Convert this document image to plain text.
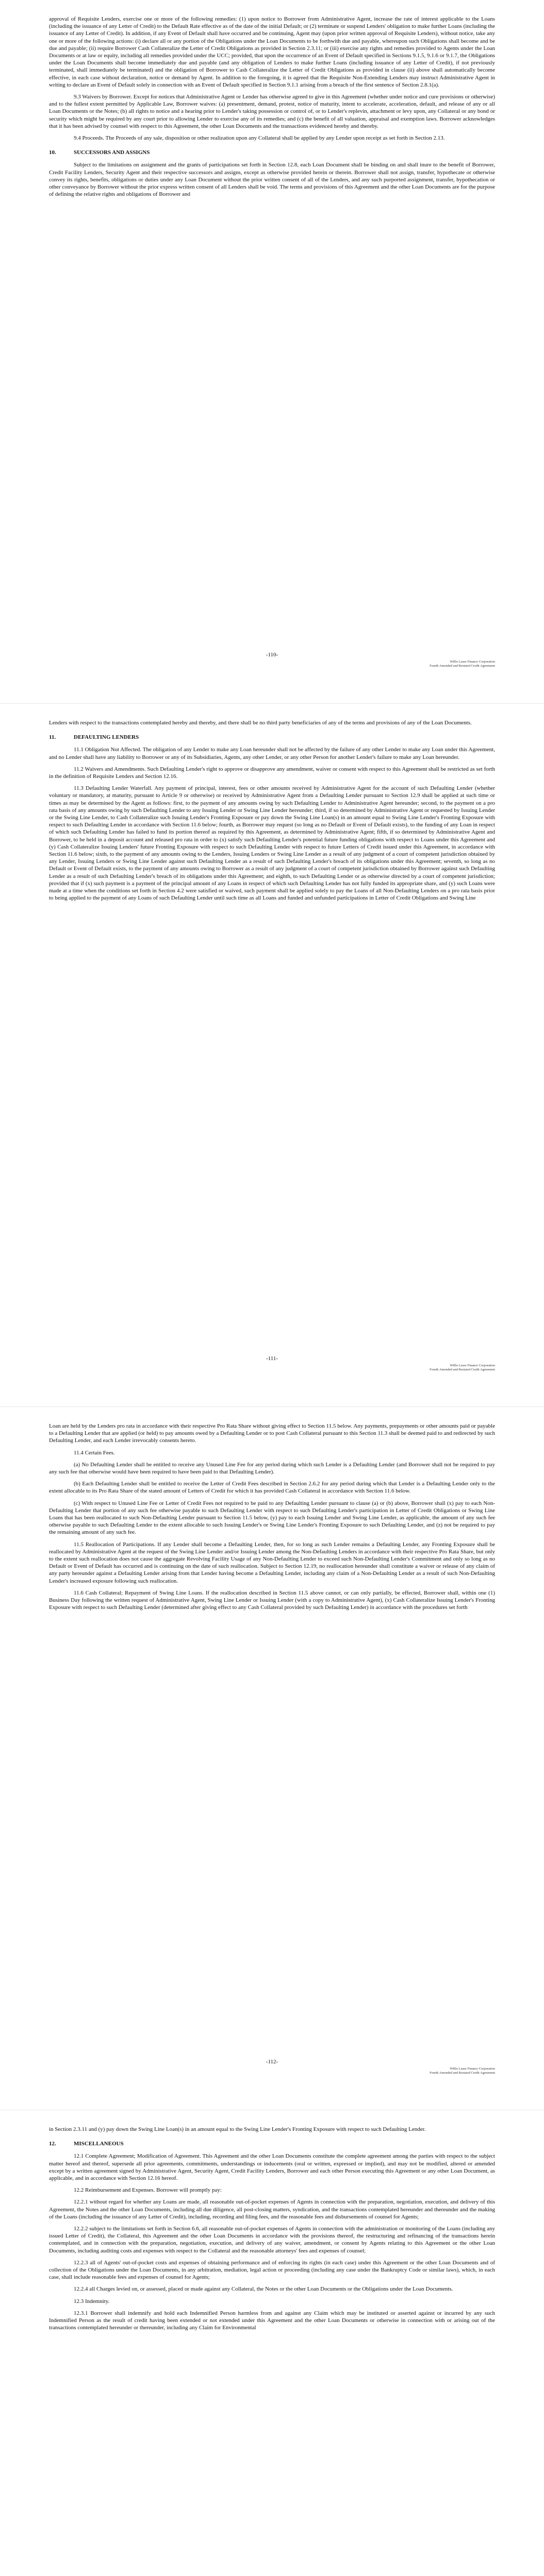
approval of Requisite Lenders, exercise one or more of the following remedies: (1) upon notice to Borrower from Administrative Agent, increase the rate of interest applicable to the Loans (including the issuance of any Letter of Credit) to the Default Rate effective as of the date of the initial Default; or (2) terminate or suspend Lenders' obligation to make further Loans (including the issuance of any Letter of Credit). In addition, if any Event of Default shall have occurred and be continuing, Agent may (upon prior written approval of Requisite Lenders), without notice, take any one or more of the following actions: (i) declare all or any portion of the Obligations under the Loan Documents to be forthwith due and payable, whereupon such Obligations shall become and be due and payable; (ii) require Borrower Cash Collateralize the Letter of Credit Obligations as provided in Section 2.3.11; or (iii) exercise any rights and remedies provided to Agents under the Loan Documents or at law or equity, including all remedies provided under the UCC; provided, that upon the occurrence of an Event of Default specified in Sections 9.1.5, 9.1.6 or 9.1.7, the Obligations under the Loan Documents shall become immediately due and payable (and any obligation of Lenders to make further Loans (including issuance of any Letter of Credit), if not previously terminated, shall immediately be terminated) and the obligation of Borrower to Cash Collateralize the Letter of Credit Obligations as provided in clause (ii) above shall automatically become effective, in each case without declaration, notice or demand by Agent. In addition to the foregoing, it is agreed that the Requisite Non-Extending Lenders may instruct Administrative Agent in writing to declare an Event of Default solely in connection with an Event of Default specified in Section 9.1.1 arising from a breach of the first sentence of Section 2.8.1(a).

9.3 Waivers by Borrower. Except for notices that Administrative Agent or Lender has otherwise agreed to give in this Agreement (whether under notice and cure provisions or otherwise) and to the fullest extent permitted by Applicable Law, Borrower waives: (a) presentment, demand, protest, notice of maturity, intent to accelerate, acceleration, default, and release of any or all Loan Documents or the Notes; (b) all rights to notice and a hearing prior to Lender's taking possession or control of, or to Lender's replevin, attachment or levy upon, any Collateral or any bond or security which might be required by any court prior to allowing Lender to exercise any of its remedies; and (c) the benefit of all valuation, appraisal and exemption laws. Borrower acknowledges that it has been advised by counsel with respect to this Agreement, the other Loan Documents and the transactions evidenced hereby and thereby.

9.4 Proceeds. The Proceeds of any sale, disposition or other realization upon any Collateral shall be applied by any Lender upon receipt as set forth in Section 2.13.

10.	SUCCESSORS AND ASSIGNS

Subject to the limitations on assignment and the grants of participations set forth in Section 12.8, each Loan Document shall be binding on and shall inure to the benefit of Borrower, Credit Facility Lenders, Security Agent and their respective successors and assigns, except as otherwise provided herein or therein. Borrower shall not assign, transfer, hypothecate or otherwise convey its rights, benefits, obligations or duties under any Loan Document without the prior written consent of all of the Lenders, and any such purported assignment, transfer, hypothecation or other conveyance by Borrower without the prior express written consent of all Lenders shall be void. The terms and provisions of this Agreement and the other Loan Documents are for the purpose of defining the relative rights and obligations of Borrower and

-110-
Willis Lease Finance Corporation
Fourth Amended and Restated Credit Agreement

Lenders with respect to the transactions contemplated hereby and thereby, and there shall be no third party beneficiaries of any of the terms and provisions of any of the Loan Documents.

11.	DEFAULTING LENDERS

11.1 Obligation Not Affected. The obligation of any Lender to make any Loan hereunder shall not be affected by the failure of any other Lender to make any Loan under this Agreement, and no Lender shall have any liability to Borrower or any of its Subsidiaries, Agents, any other Lender, or any other Person for another Lender's failure to make any Loan hereunder.

11.2 Waivers and Amendments. Such Defaulting Lender's right to approve or disapprove any amendment, waiver or consent with respect to this Agreement shall be restricted as set forth in the definition of Requisite Lenders and Section 12.16.

11.3 Defaulting Lender Waterfall. Any payment of principal, interest, fees or other amounts received by Administrative Agent for the account of such Defaulting Lender (whether voluntary or mandatory, at maturity, pursuant to Article 9 or otherwise) or received by Administrative Agent from a Defaulting Lender pursuant to Section 12.9 shall be applied at such time or times as may be determined by the Agent as follows: first, to the payment of any amounts owing by such Defaulting Lender to Administrative Agent hereunder; second, to the payment on a pro rata basis of any amounts owing by such Defaulting Lender to any Issuing Lender or Swing Line Lender hereunder; third, if so determined by Administrative Agent or requested by Issuing Lender or the Swing Line Lender, to Cash Collateralize such Issuing Lender's Fronting Exposure or pay down the Swing Line Loan(s) in an amount equal to Swing Line Lender's Fronting Exposure with respect to such Defaulting Lender in accordance with Section 11.6 below; fourth, as Borrower may request (so long as no Default or Event of Default exists), to the funding of any Loan in respect of which such Defaulting Lender has failed to fund its portion thereof as required by this Agreement, as determined by Administrative Agent; fifth, if so determined by Administrative Agent and Borrower, to be held in a deposit account and released pro rata in order to (x) satisfy such Defaulting Lender's potential future funding obligations with respect to Loans under this Agreement and (y) Cash Collateralize Issuing Lenders' future Fronting Exposure with respect to such Defaulting Lender with respect to future Letters of Credit issued under this Agreement, in accordance with Section 11.6 below; sixth, to the payment of any amounts owing to the Lenders, Issuing Lenders or Swing Line Lender as a result of any judgment of a court of competent jurisdiction obtained by any Lender, Issuing Lenders or Swing Line Lender against such Defaulting Lender as a result of such Defaulting Lender's breach of its obligations under this Agreement; seventh, so long as no Default or Event of Default exists, to the payment of any amounts owing to Borrower as a result of any judgment of a court of competent jurisdiction obtained by Borrower against such Defaulting Lender as a result of such Defaulting Lender's breach of its obligations under this Agreement; and eighth, to such Defaulting Lender or as otherwise directed by a court of competent jurisdiction; provided that if (x) such payment is a payment of the principal amount of any Loans in respect of which such Defaulting Lender has not fully funded its appropriate share, and (y) such Loans were made at a time when the conditions set forth in Section 4.2 were satisfied or waived, such payment shall be applied solely to pay the Loans of all Non-Defaulting Lenders on a pro rata basis prior to being applied to the payment of any Loans of such Defaulting Lender until such time as all Loans and funded and unfunded participations in Letter of Credit Obligations and Swing Line

-111-
Willis Lease Finance Corporation
Fourth Amended and Restated Credit Agreement

Loan are held by the Lenders pro rata in accordance with their respective Pro Rata Share without giving effect to Section 11.5 below. Any payments, prepayments or other amounts paid or payable to a Defaulting Lender that are applied (or held) to pay amounts owed by a Defaulting Lender or to post Cash Collateral pursuant to this Section 11.3 shall be deemed paid to and redirected by such Defaulting Lender, and each Lender irrevocably consents hereto.

11.4 Certain Fees.

(a) No Defaulting Lender shall be entitled to receive any Unused Line Fee for any period during which such Lender is a Defaulting Lender (and Borrower shall not be required to pay any such fee that otherwise would have been required to have been paid to that Defaulting Lender).

(b) Each Defaulting Lender shall be entitled to receive the Letter of Credit Fees described in Section 2.6.2 for any period during which that Lender is a Defaulting Lender only to the extent allocable to its Pro Rata Share of the stated amount of Letters of Credit for which it has provided Cash Collateral in accordance with Section 11.6 below.

(c) With respect to Unused Line Fee or Letter of Credit Fees not required to be paid to any Defaulting Lender pursuant to clause (a) or (b) above, Borrower shall (x) pay to each Non-Defaulting Lender that portion of any such fee otherwise payable to such Defaulting Lender with respect to such Defaulting Lender's participation in Letter of Credit Obligations or Swing Line Loans that has been reallocated to such Non-Defaulting Lender pursuant to Section 11.5 below, (y) pay to each Issuing Lender and Swing Line Lender, as applicable, the amount of any such fee otherwise payable to such Defaulting Lender to the extent allocable to such Issuing Lender's or Swing Line Lender's Fronting Exposure to such Defaulting Lender, and (z) not be required to pay the remaining amount of any such fee.

11.5 Reallocation of Participations. If any Lender shall become a Defaulting Lender, then, for so long as such Lender remains a Defaulting Lender, any Fronting Exposure shall be reallocated by Administrative Agent at the request of the Swing Line Lender and/or Issuing Lender among the Non-Defaulting Lenders in accordance with their respective Pro Rata Share, but only to the extent such reallocation does not cause the aggregate Revolving Facility Usage of any Non-Defaulting Lender to exceed such Non-Defaulting Lender's Commitment and only so long as no Default or Event of Default has occurred and is continuing on the date of such reallocation. Subject to Section 12.19, no reallocation hereunder shall constitute a waiver or release of any claim of any party hereunder against a Defaulting Lender arising from that Lender having become a Defaulting Lender, including any claim of a Non-Defaulting Lender as a result of such Non-Defaulting Lender's increased exposure following such reallocation.

11.6 Cash Collateral; Repayment of Swing Line Loans. If the reallocation described in Section 11.5 above cannot, or can only partially, be effected, Borrower shall, within one (1) Business Day following the written request of Administrative Agent, Swing Line Lender or Issuing Lender (with a copy to Administrative Agent), (x) Cash Collateralize Issuing Lender's Fronting Exposure with respect to such Defaulting Lender (determined after giving effect to any Cash Collateral provided by such Defaulting Lender) in accordance with the procedures set forth

-112-
Willis Lease Finance Corporation
Fourth Amended and Restated Credit Agreement

in Section 2.3.11 and (y) pay down the Swing Line Loan(s) in an amount equal to the Swing Line Lender's Fronting Exposure with respect to such Defaulting Lender.

12.	MISCELLANEOUS

12.1 Complete Agreement; Modification of Agreement. This Agreement and the other Loan Documents constitute the complete agreement among the parties with respect to the subject matter hereof and thereof, supersede all prior agreements, commitments, understandings or inducements (oral or written, expressed or implied), and may not be modified, altered or amended except by a written agreement signed by Administrative Agent, Security Agent, Credit Facility Lenders, Borrower and each other Person executing this Agreement or any other Loan Document, as applicable, and in accordance with Section 12.16 hereof.

12.2 Reimbursement and Expenses. Borrower will promptly pay:

12.2.1 without regard for whether any Loans are made, all reasonable out-of-pocket expenses of Agents in connection with the preparation, negotiation, execution, and delivery of this Agreement, the Notes and the other Loan Documents, including all due diligence, all post-closing matters, syndication, and the transactions contemplated hereunder and thereunder and the making of the Loans (including the issuance of any Letter of Credit), including, recording and filing fees, and the reasonable fees and disbursements of counsel for Agents;

12.2.2 subject to the limitations set forth in Section 6.6, all reasonable out-of-pocket expenses of Agents in connection with the administration or monitoring of the Loans (including any issued Letter of Credit), the Collateral, this Agreement and the other Loan Documents in accordance with the provisions thereof, the restructuring and refinancing of the transactions herein contemplated, and in connection with the preparation, negotiation, execution, and delivery of any waiver, amendment, or consent by Agents relating to this Agreement or the other Loan Documents, including auditing costs and expenses with respect to the Collateral and the reasonable attorneys' fees and expenses of counsel;

12.2.3 all of Agents' out-of-pocket costs and expenses of obtaining performance and of enforcing its rights (in each case) under this Agreement or the other Loan Documents and of collection of the Obligations under the Loan Documents, in any arbitration, mediation, legal action or proceeding (including any case under the Bankruptcy Code or similar laws), which, in each case, shall include reasonable fees and expenses of counsel for Agents;

12.2.4 all Charges levied on, or assessed, placed or made against any Collateral, the Notes or the other Loan Documents or the Obligations under the Loan Documents.

12.3 Indemnity.

12.3.1 Borrower shall indemnify and hold each Indemnified Person harmless from and against any Claim which may be instituted or asserted against or incurred by any such Indemnified Person as the result of credit having been extended or not extended under this Agreement and the other Loan Documents or otherwise in connection with or arising out of the transactions contemplated hereunder or thereunder, including any Claim for Environmental
